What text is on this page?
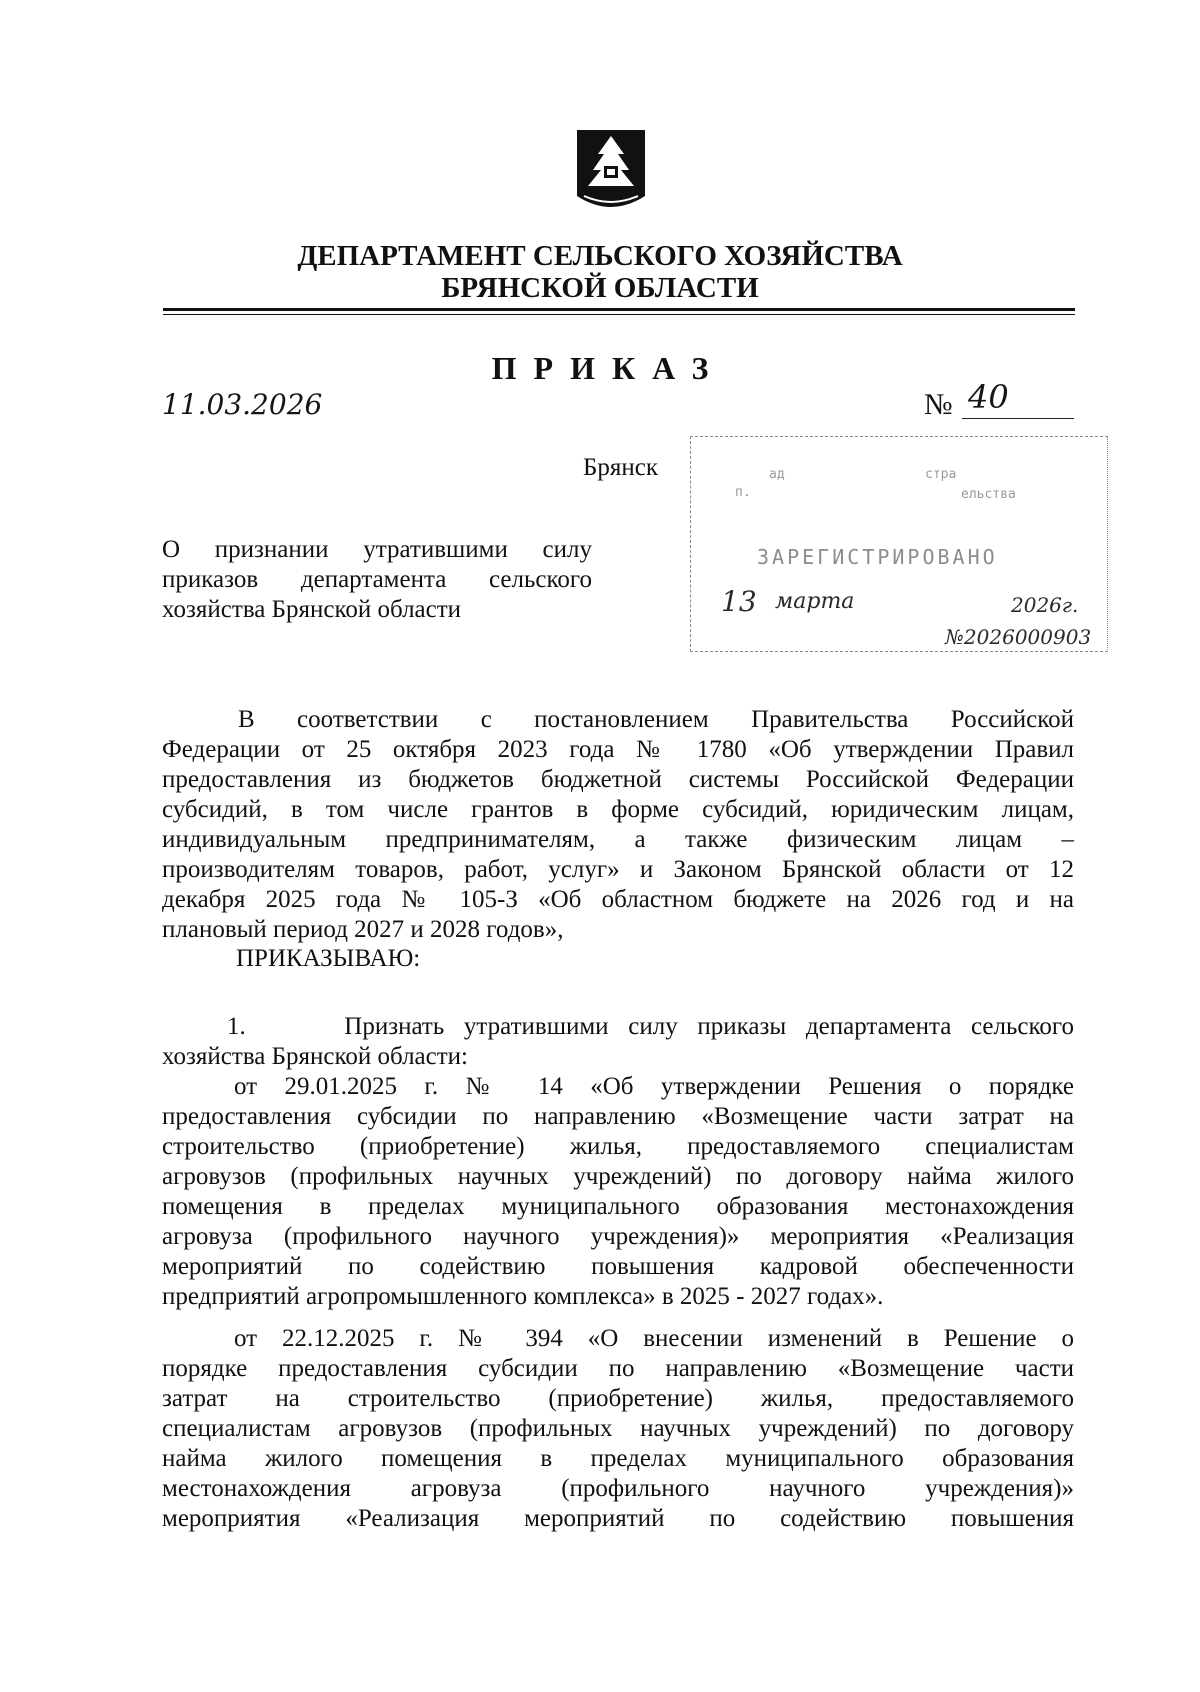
ДЕПАРТАМЕНТ СЕЛЬСКОГО ХОЗЯЙСТВА
БРЯНСКОЙ ОБЛАСТИ
ПРИКАЗ
11.03.2026	№ 40
Брянск	ад	стра
п.	ельства
ЗАРЕГИСТРИРОВАНО
13 марта	2026г.
№2026000903
О признании утратившими силу
приказов департамента сельского
хозяйства Брянской области
В соответствии с постановлением Правительства Российской
Федерации от 25 октября 2023 года № 1780 «Об утверждении Правил
предоставления из бюджетов бюджетной системы Российской Федерации
субсидий, в том числе грантов в форме субсидий, юридическим лицам,
индивидуальным предпринимателям, а также физическим лицам –
производителям товаров, работ, услуг» и Законом Брянской области от 12
декабря 2025 года № 105-З «Об областном бюджете на 2026 год и на
плановый период 2027 и 2028 годов»,
ПРИКАЗЫВАЮ:
1.     Признать утратившими силу приказы департамента сельского
хозяйства Брянской области:
от 29.01.2025 г. № 14 «Об утверждении Решения о порядке
предоставления субсидии по направлению «Возмещение части затрат на
строительство (приобретение) жилья, предоставляемого специалистам
агровузов (профильных научных учреждений) по договору найма жилого
помещения в пределах муниципального образования местонахождения
агровуза (профильного научного учреждения)» мероприятия «Реализация
мероприятий по содействию повышения кадровой обеспеченности
предприятий агропромышленного комплекса» в 2025 - 2027 годах».
от 22.12.2025 г. № 394 «О внесении изменений в Решение о
порядке предоставления субсидии по направлению «Возмещение части
затрат на строительство (приобретение) жилья, предоставляемого
специалистам агровузов (профильных научных учреждений) по договору
найма жилого помещения в пределах муниципального образования
местонахождения агровуза (профильного научного учреждения)»
мероприятия «Реализация мероприятий по содействию повышения
